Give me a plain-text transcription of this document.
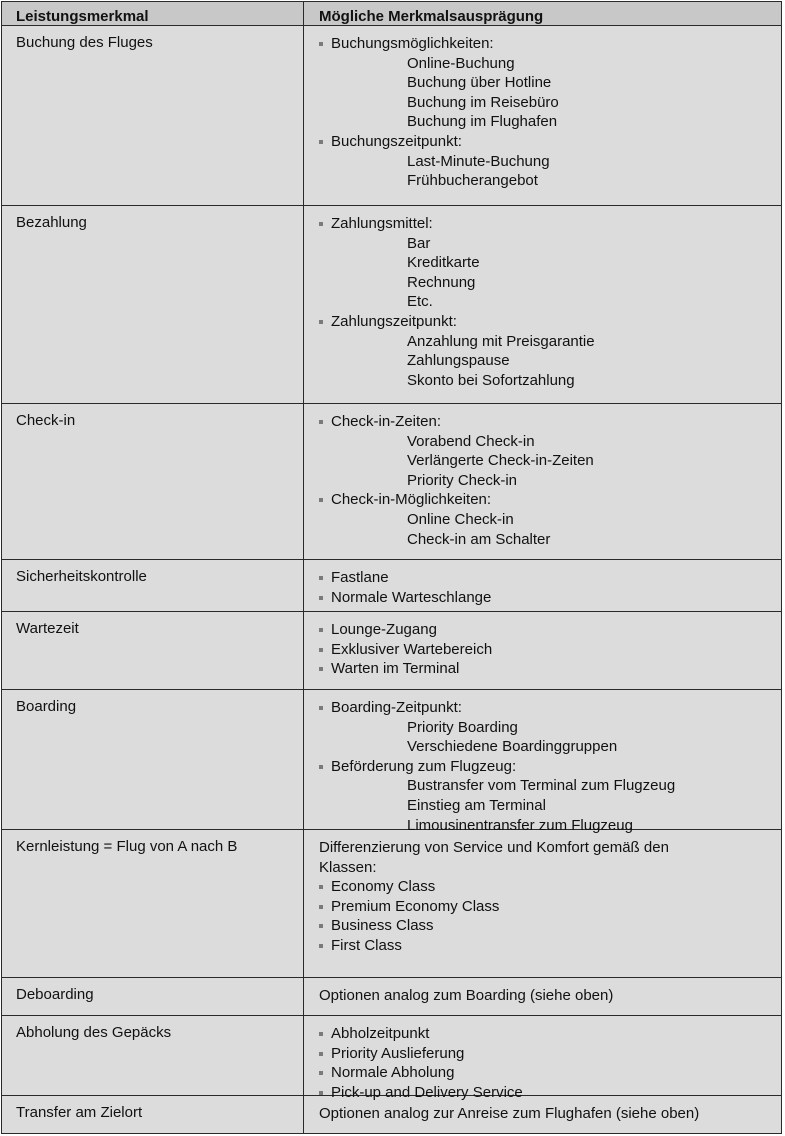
Leistungsmerkmal	Mögliche Merkmalsausprägung
Buchung des Fluges	Buchungsmöglichkeiten:
Online-Buchung
Buchung über Hotline
Buchung im Reisebüro
Buchung im Flughafen
Buchungszeitpunkt:
Last-Minute-Buchung
Frühbucherangebot
Bezahlung	Zahlungsmittel:
Bar
Kreditkarte
Rechnung
Etc.
Zahlungszeitpunkt:
Anzahlung mit Preisgarantie
Zahlungspause
Skonto bei Sofortzahlung
Check-in	Check-in-Zeiten:
Vorabend Check-in
Verlängerte Check-in-Zeiten
Priority Check-in
Check-in-Möglichkeiten:
Online Check-in
Check-in am Schalter
Sicherheitskontrolle	Fastlane
Normale Warteschlange
Wartezeit	Lounge-Zugang
Exklusiver Wartebereich
Warten im Terminal
Boarding	Boarding-Zeitpunkt:
Priority Boarding
Verschiedene Boardinggruppen
Beförderung zum Flugzeug:
Bustransfer vom Terminal zum Flugzeug
Einstieg am Terminal
Limousinentransfer zum Flugzeug
Kernleistung = Flug von A nach B	Differenzierung von Service und Komfort gemäß den
Klassen:
Economy Class
Premium Economy Class
Business Class
First Class
Deboarding	Optionen analog zum Boarding (siehe oben)
Abholung des Gepäcks	Abholzeitpunkt
Priority Auslieferung
Normale Abholung
Pick-up and Delivery Service
Transfer am Zielort	Optionen analog zur Anreise zum Flughafen (siehe oben)
